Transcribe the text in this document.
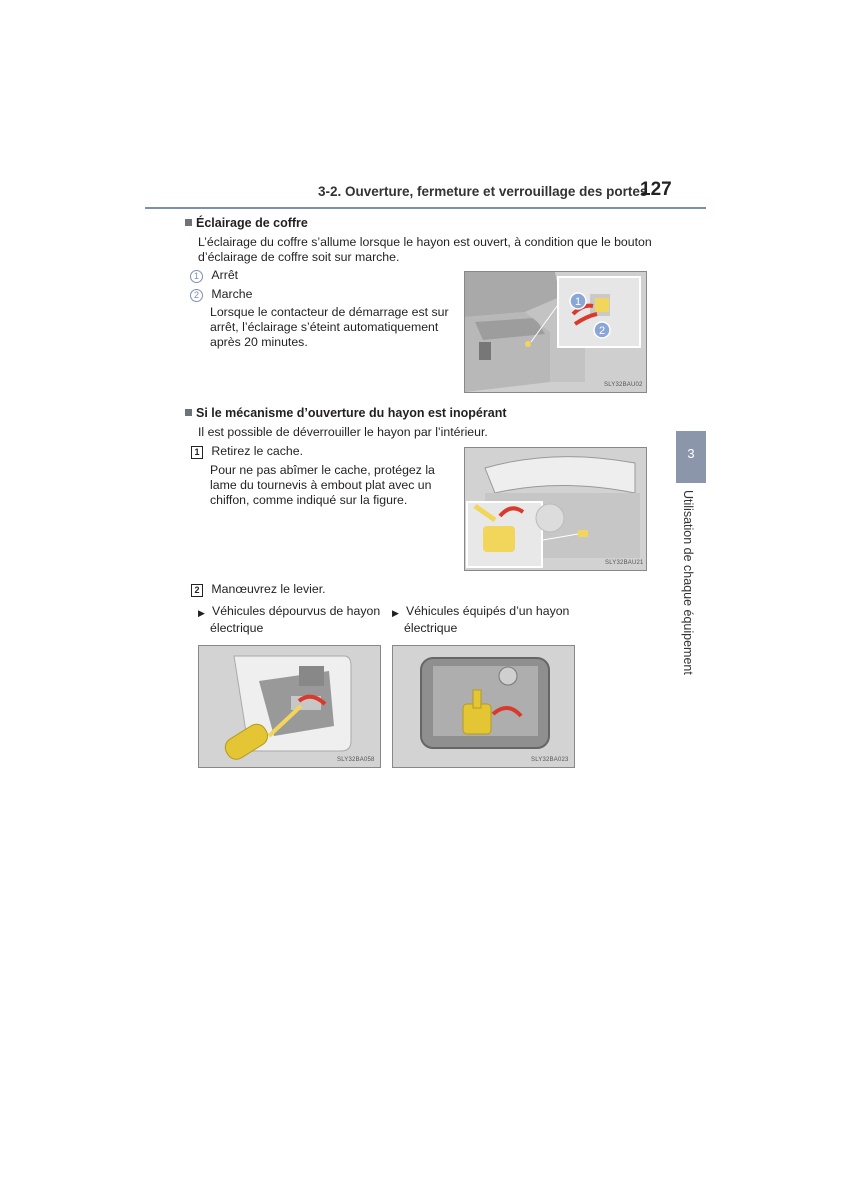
3-2. Ouverture, fermeture et verrouillage des portes
127
3
Utilisation de chaque équipement
Éclairage de coffre
L’éclairage du coffre s’allume lorsque le hayon est ouvert, à condition que le bouton
d’éclairage de coffre soit sur marche.
1 Arrêt
2 Marche
Lorsque le contacteur de démarrage est sur
arrêt, l’éclairage s’éteint automatiquement
après 20 minutes.
1
2
SLY32BAU02
Si le mécanisme d’ouverture du hayon est inopérant
Il est possible de déverrouiller le hayon par l’intérieur.
1 Retirez le cache.
Pour ne pas abîmer le cache, protégez la
lame du tournevis à embout plat avec un
chiffon, comme indiqué sur la figure.
SLY32BAU21
2 Manœuvrez le levier.
▶ Véhicules dépourvus de hayon
électrique
▶ Véhicules équipés d’un hayon
électrique
SLY32BA058	SLY32BA023
